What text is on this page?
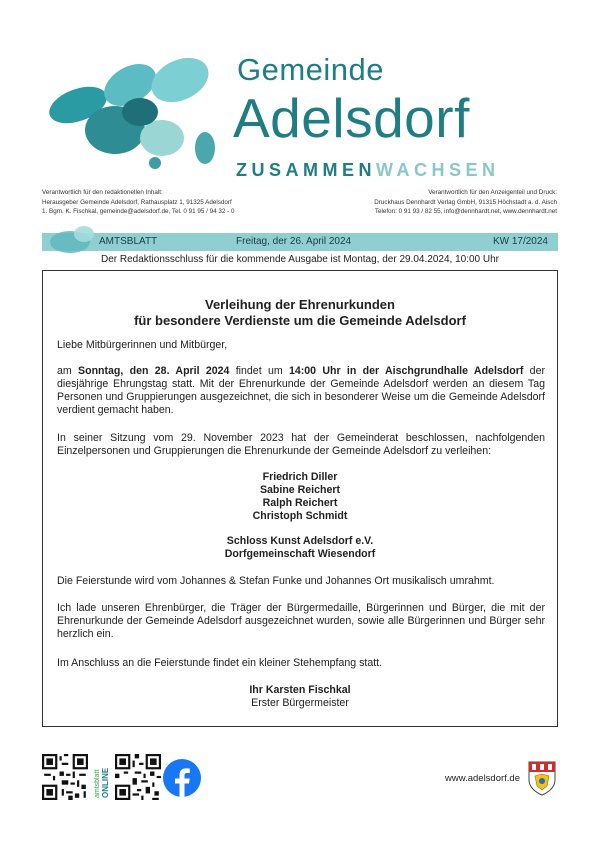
Gemeinde
Adelsdorf
ZUSAMMENWACHSEN
Verantwortlich für den redaktionellen Inhalt:
Herausgeber Gemeinde Adelsdorf, Rathausplatz 1, 91325 Adelsdorf
1. Bgm. K. Fischkal, gemeinde@adelsdorf.de, Tel. 0 91 95 / 94 32 - 0
Verantwortlich für den Anzeigenteil und Druck:
Druckhaus Dennhardt Verlag GmbH, 91315 Höchstadt a. d. Aisch
Telefon: 0 91 93 / 82 55, info@dennhardt.net, www.dennhardt.net
AMTSBLATT	Freitag, der 26. April 2024	KW 17/2024
Der Redaktionsschluss für die kommende Ausgabe ist Montag, der 29.04.2024, 10:00 Uhr
Verleihung der Ehrenurkunden
für besondere Verdienste um die Gemeinde Adelsdorf
Liebe Mitbürgerinnen und Mitbürger,
am Sonntag, den 28. April 2024 findet um 14:00 Uhr in der Aischgrundhalle Adelsdorf der diesjährige Ehrungstag statt. Mit der Ehrenurkunde der Gemeinde Adelsdorf werden an diesem Tag Personen und Gruppierungen ausgezeichnet, die sich in besonderer Weise um die Gemeinde Adelsdorf verdient gemacht haben.
In seiner Sitzung vom 29. November 2023 hat der Gemeinderat beschlossen, nachfolgenden Einzelpersonen und Gruppierungen die Ehrenurkunde der Gemeinde Adelsdorf zu verleihen:
Friedrich Diller
Sabine Reichert
Ralph Reichert
Christoph Schmidt
Schloss Kunst Adelsdorf e.V.
Dorfgemeinschaft Wiesendorf
Die Feierstunde wird vom Johannes & Stefan Funke und Johannes Ort musikalisch umrahmt.
Ich lade unseren Ehrenbürger, die Träger der Bürgermedaille, Bürgerinnen und Bürger, die mit der Ehrenurkunde der Gemeinde Adelsdorf ausgezeichnet wurden, sowie alle Bürgerinnen und Bürger sehr herzlich ein.
Im Anschluss an die Feierstunde findet ein kleiner Stehempfang statt.
Ihr Karsten Fischkal
Erster Bürgermeister
amtsblatt ONLINE	www.adelsdorf.de
